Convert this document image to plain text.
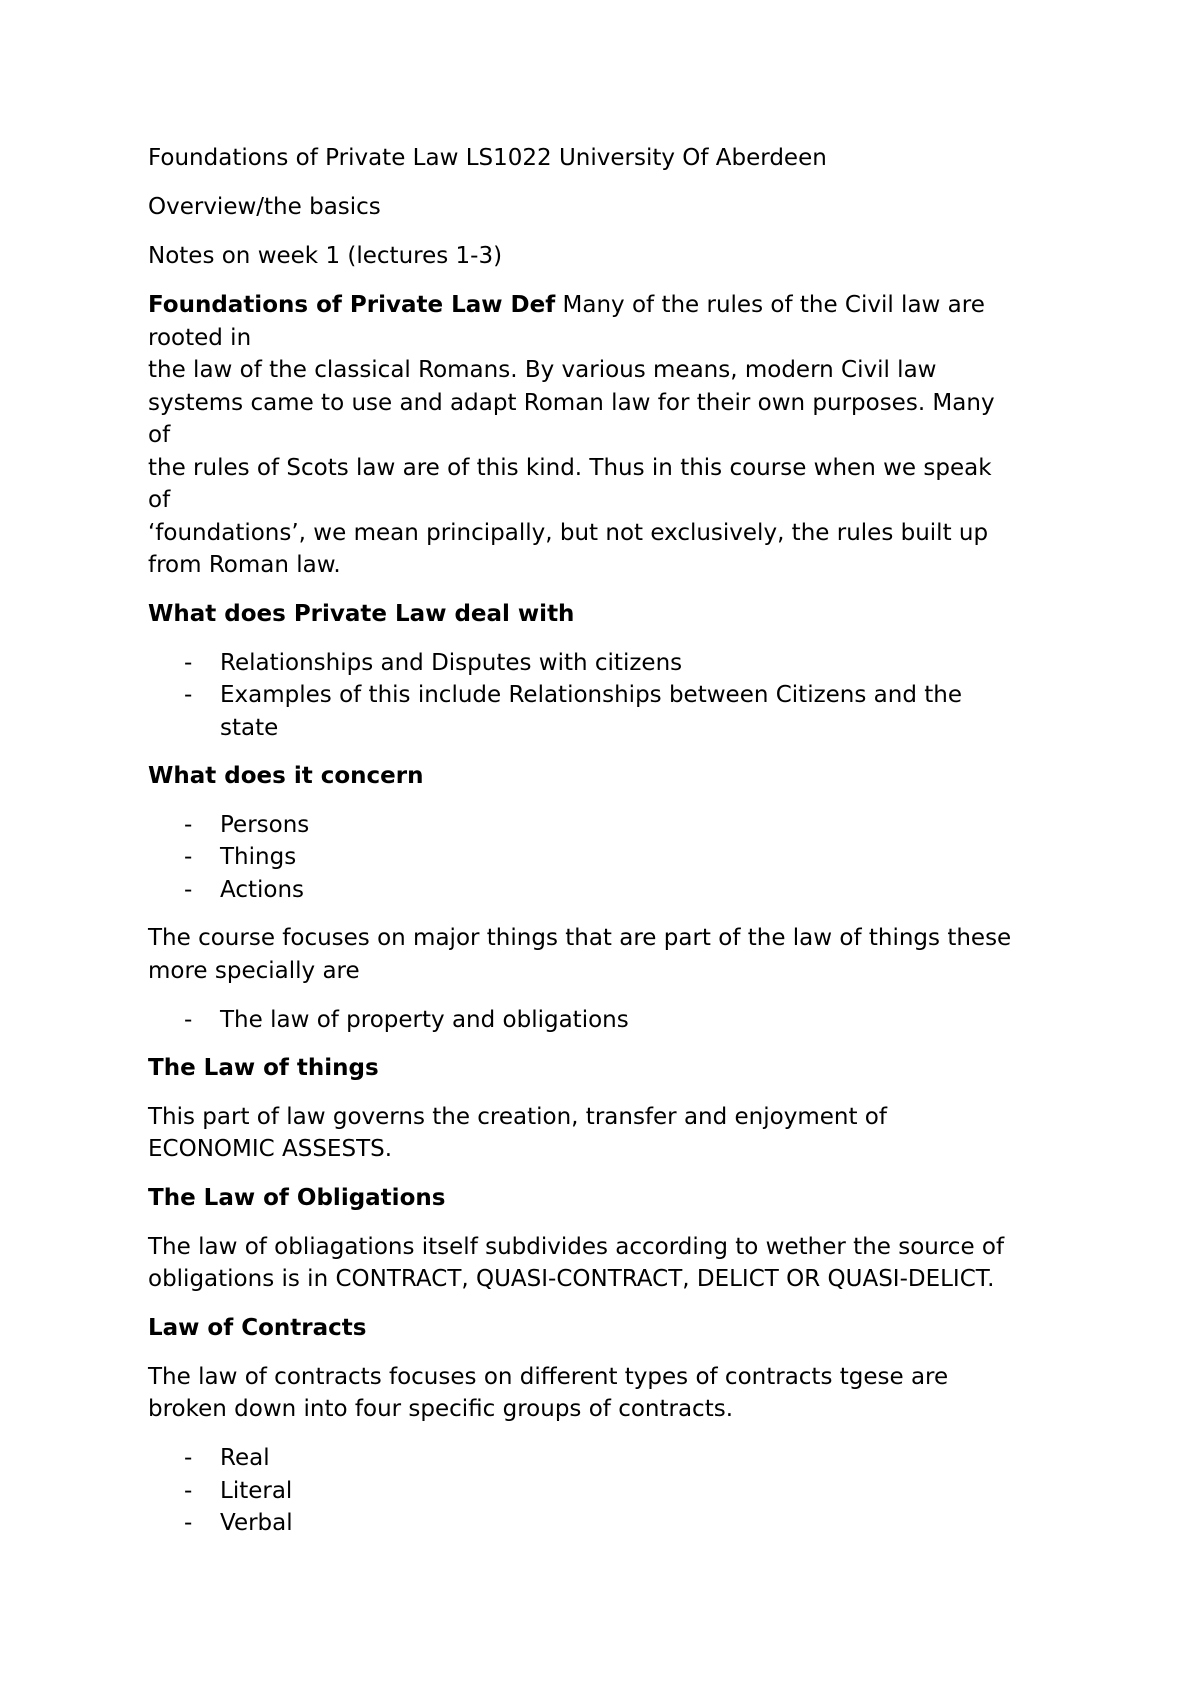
Foundations of Private Law LS1022 University Of Aberdeen

Overview/the basics

Notes on week 1 (lectures 1-3)

Foundations of Private Law Def Many of the rules of the Civil law are
rooted in
the law of the classical Romans. By various means, modern Civil law
systems came to use and adapt Roman law for their own purposes. Many
of
the rules of Scots law are of this kind. Thus in this course when we speak
of
‘foundations’, we mean principally, but not exclusively, the rules built up
from Roman law.

What does Private Law deal with

- Relationships and Disputes with citizens
- Examples of this include Relationships between Citizens and the
state

What does it concern

- Persons
- Things
- Actions
The course focuses on major things that are part of the law of things these
more specially are
- The law of property and obligations

The Law of things

This part of law governs the creation, transfer and enjoyment of
ECONOMIC ASSESTS.

The Law of Obligations

The law of obliagations itself subdivides according to wether the source of
obligations is in CONTRACT, QUASI-CONTRACT, DELICT OR QUASI-DELICT.

Law of Contracts

The law of contracts focuses on different types of contracts tgese are
broken down into four specific groups of contracts.
- Real
- Literal
- Verbal
